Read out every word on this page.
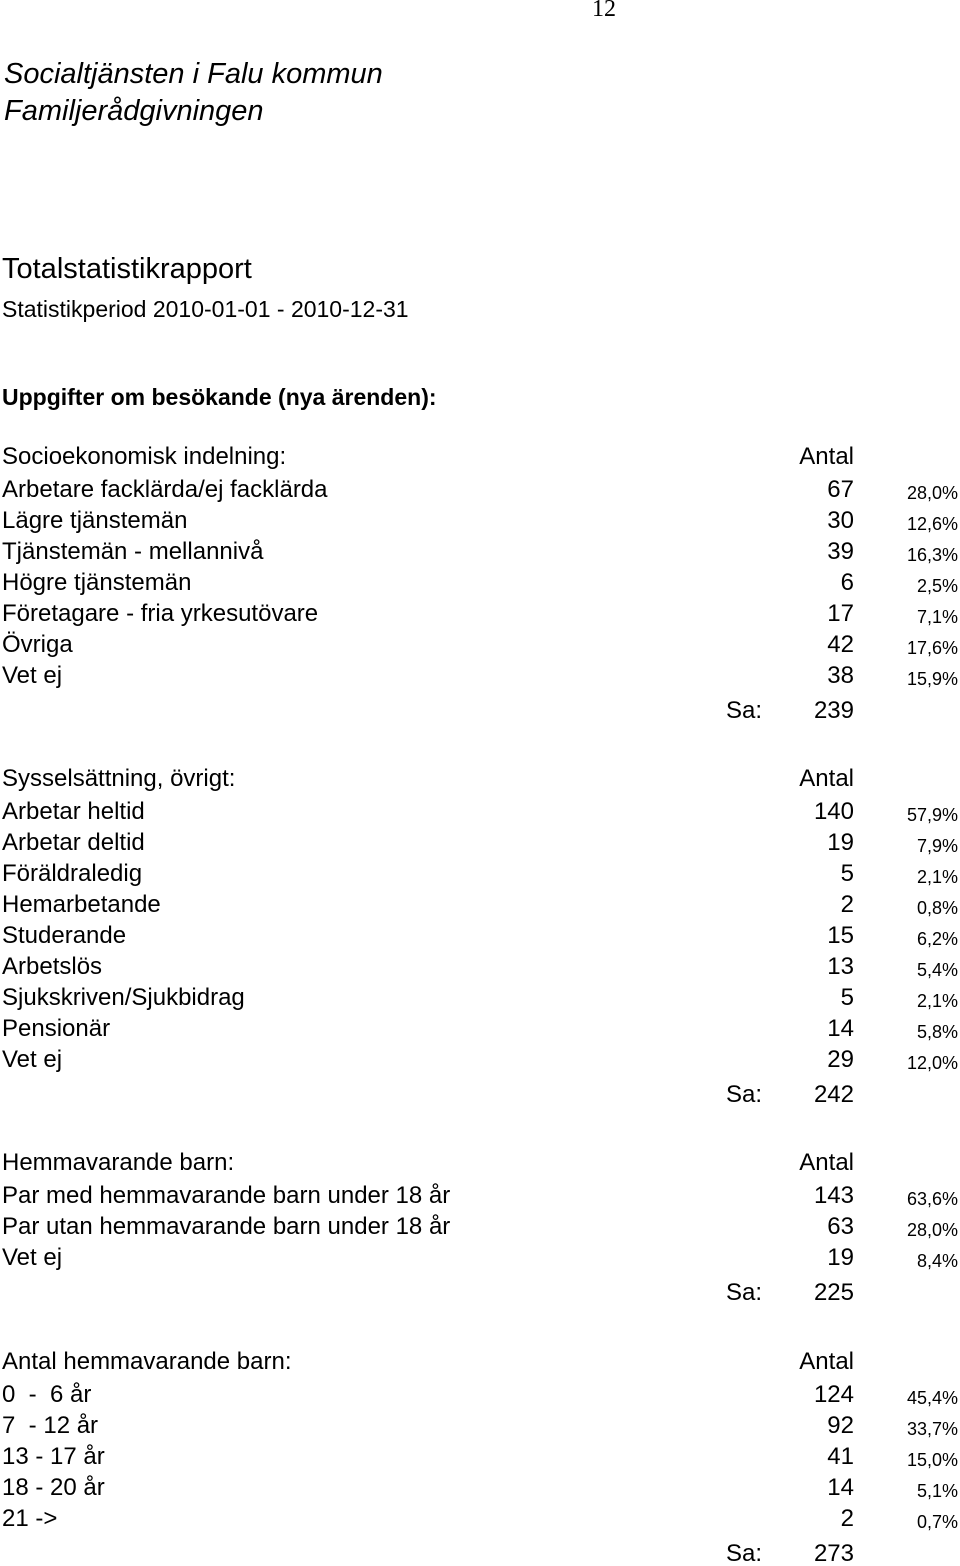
12
Socialtjänsten i Falu kommun
Familjerådgivningen
Totalstatistikrapport
Statistikperiod 2010-01-01 - 2010-12-31
Uppgifter om besökande (nya ärenden):
Socioekonomisk indelning:	Antal
Arbetare facklärda/ej facklärda	67	28,0%
Lägre tjänstemän	30	12,6%
Tjänstemän - mellannivå	39	16,3%
Högre tjänstemän	6	2,5%
Företagare - fria yrkesutövare	17	7,1%
Övriga	42	17,6%
Vet ej	38	15,9%
Sa: 239
Sysselsättning, övrigt:	Antal
Arbetar heltid	140	57,9%
Arbetar deltid	19	7,9%
Föräldraledig	5	2,1%
Hemarbetande	2	0,8%
Studerande	15	6,2%
Arbetslös	13	5,4%
Sjukskriven/Sjukbidrag	5	2,1%
Pensionär	14	5,8%
Vet ej	29	12,0%
Sa: 242
Hemmavarande barn:	Antal
Par med hemmavarande barn under 18 år	143	63,6%
Par utan hemmavarande barn under 18 år	63	28,0%
Vet ej	19	8,4%
Sa: 225
Antal hemmavarande barn:	Antal
0  -  6 år	124	45,4%
7  - 12 år	92	33,7%
13 - 17 år	41	15,0%
18 - 20 år	14	5,1%
21 ->	2	0,7%
Sa: 273
